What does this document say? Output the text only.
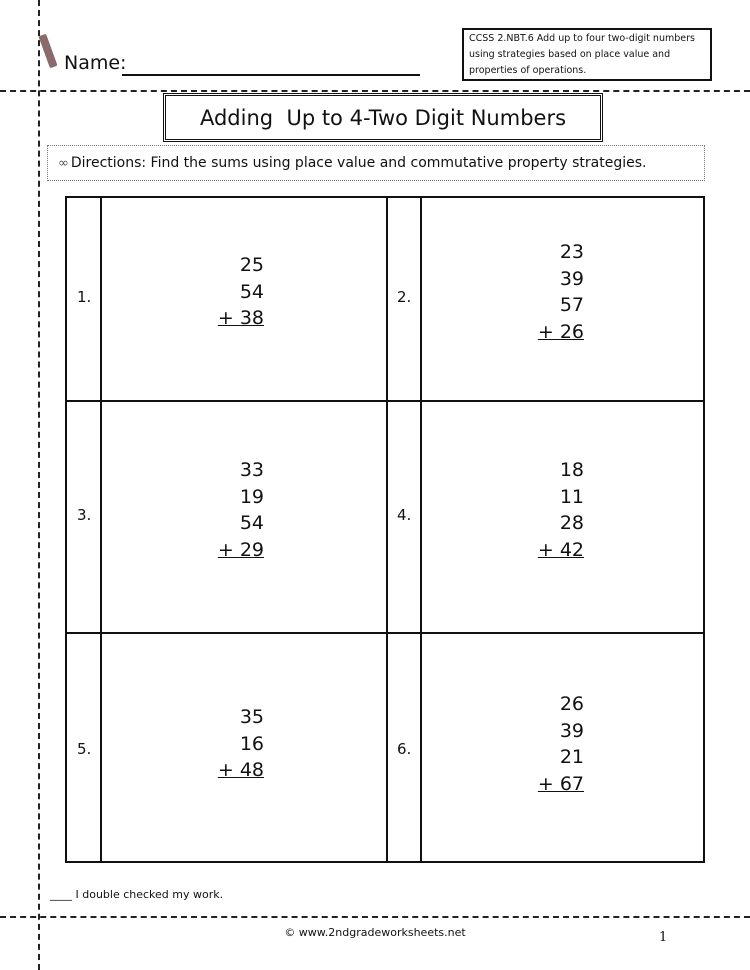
Name:
CCSS 2.NBT.6 Add up to four two-digit numbers using strategies based on place value and properties of operations.
Adding  Up to 4-Two Digit Numbers
∞ Directions: Find the sums using place value and commutative property strategies.
1.
25
54
+ 38
2.
23
39
57
+ 26
3.
33
19
54
+ 29
4.
18
11
28
+ 42
5.
35
16
+ 48
6.
26
39
21
+ 67
____ I double checked my work.
© www.2ndgradeworksheets.net	1
